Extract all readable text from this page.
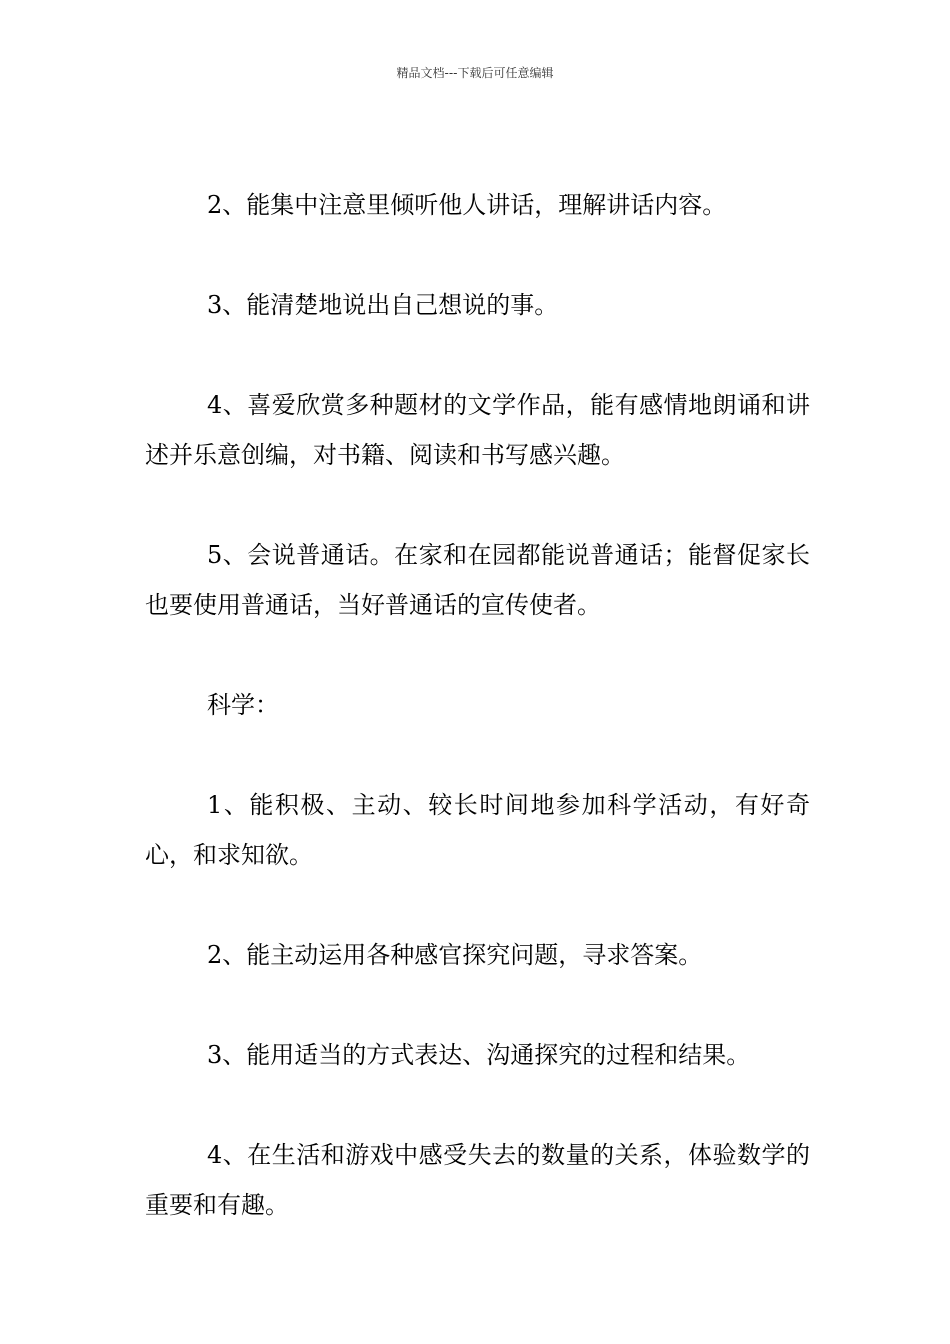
精品文档---下载后可任意编辑

2、能集中注意里倾听他人讲话，理解讲话内容。

3、能清楚地说出自己想说的事。

4、喜爱欣赏多种题材的文学作品，能有感情地朗诵和讲述并乐意创编，对书籍、阅读和书写感兴趣。

5、会说普通话。在家和在园都能说普通话；能督促家长也要使用普通话，当好普通话的宣传使者。

科学：

1、能积极、主动、较长时间地参加科学活动，有好奇心，和求知欲。

2、能主动运用各种感官探究问题，寻求答案。

3、能用适当的方式表达、沟通探究的过程和结果。

4、在生活和游戏中感受失去的数量的关系，体验数学的重要和有趣。
